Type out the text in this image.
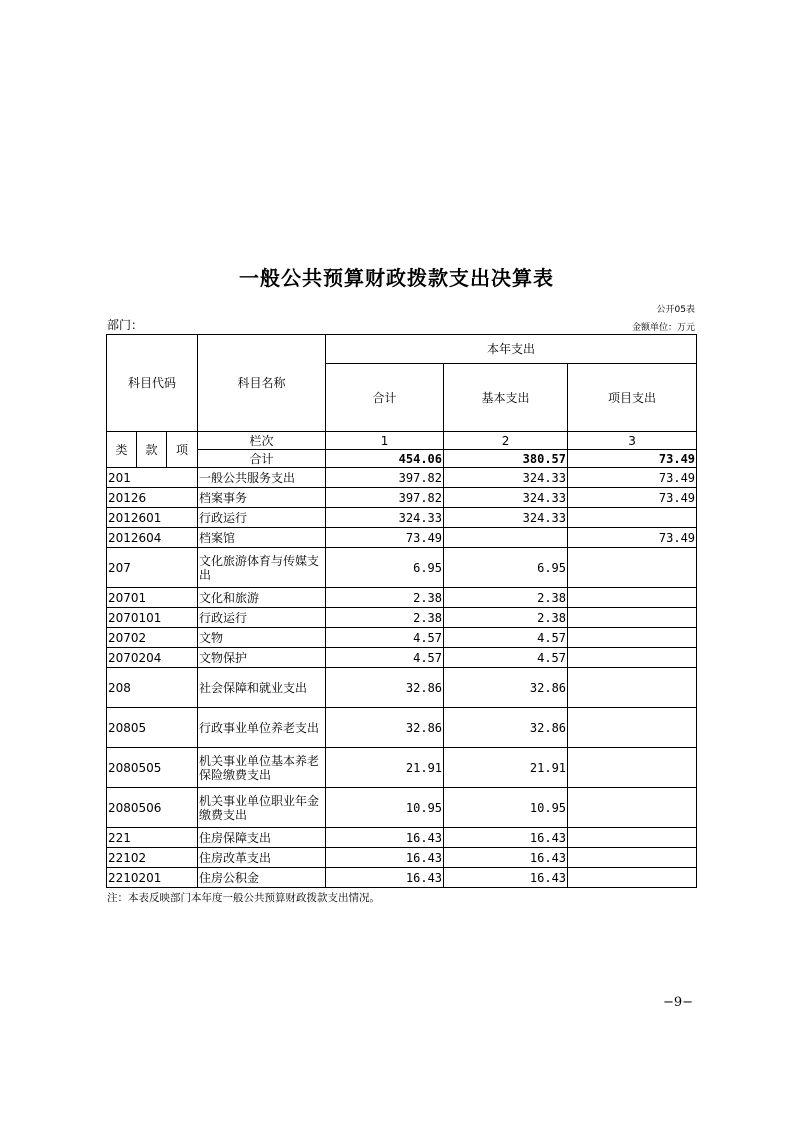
一般公共预算财政拨款支出决算表
公开05表
部门：	金额单位：万元
科目代码			科目名称	本年支出		
				合计	基本支出	项目支出
类	款	项	栏次	1	2	3
			合计	454.06	380.57	73.49
201			一般公共服务支出	397.82	324.33	73.49
20126			档案事务	397.82	324.33	73.49
2012601			行政运行	324.33	324.33	
2012604			档案馆	73.49		73.49
207			文化旅游体育与传媒支出	6.95	6.95	
20701			文化和旅游	2.38	2.38	
2070101			行政运行	2.38	2.38	
20702			文物	4.57	4.57	
2070204			文物保护	4.57	4.57	
208			社会保障和就业支出	32.86	32.86	
20805			行政事业单位养老支出	32.86	32.86	
2080505			机关事业单位基本养老保险缴费支出	21.91	21.91	
2080506			机关事业单位职业年金缴费支出	10.95	10.95	
221			住房保障支出	16.43	16.43	
22102			住房改革支出	16.43	16.43	
2210201			住房公积金	16.43	16.43	
注：本表反映部门本年度一般公共预算财政拨款支出情况。
−9−
